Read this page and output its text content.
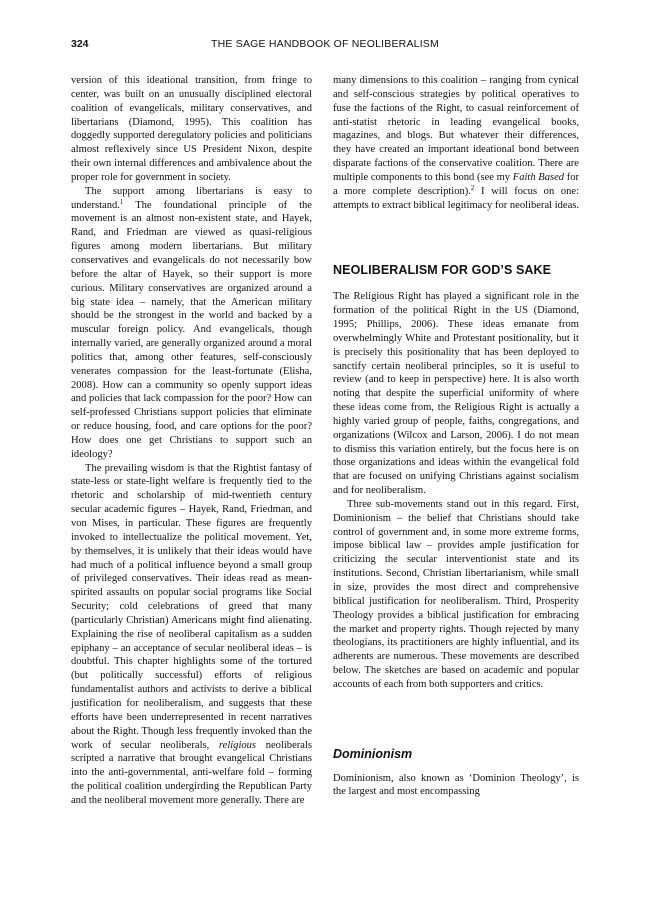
324	THE SAGE HANDBOOK OF NEOLIBERALISM

version of this ideational transition, from fringe to center, was built on an unusually disciplined electoral coalition of evangelicals, military conservatives, and libertarians (Diamond, 1995). This coalition has doggedly supported deregulatory policies and politicians almost reflexively since US President Nixon, despite their own internal differences and ambivalence about the proper role for government in society.

The support among libertarians is easy to understand.$^1$ The foundational principle of the movement is an almost non-existent state, and Hayek, Rand, and Friedman are viewed as quasi-religious figures among modern libertarians. But military conservatives and evangelicals do not necessarily bow before the altar of Hayek, so their support is more curious. Military conservatives are organized around a big state idea – namely, that the American military should be the strongest in the world and backed by a muscular foreign policy. And evangelicals, though internally varied, are generally organized around a moral politics that, among other features, self-consciously venerates compassion for the least-fortunate (Elisha, 2008). How can a community so openly support ideas and policies that lack compassion for the poor? How can self-professed Christians support policies that eliminate or reduce housing, food, and care options for the poor? How does one get Christians to support such an ideology?

The prevailing wisdom is that the Rightist fantasy of state-less or state-light welfare is frequently tied to the rhetoric and scholarship of mid-twentieth century secular academic figures – Hayek, Rand, Friedman, and von Mises, in particular. These figures are frequently invoked to intellectualize the political movement. Yet, by themselves, it is unlikely that their ideas would have had much of a political influence beyond a small group of privileged conservatives. Their ideas read as mean-spirited assaults on popular social programs like Social Security; cold celebrations of greed that many (particularly Christian) Americans might find alienating. Explaining the rise of neoliberal capitalism as a sudden epiphany – an acceptance of secular neoliberal ideas – is doubtful. This chapter highlights some of the tortured (but politically successful) efforts of religious fundamentalist authors and activists to derive a biblical justification for neoliberalism, and suggests that these efforts have been underrepresented in recent narratives about the Right. Though less frequently invoked than the work of secular neoliberals, religious neoliberals scripted a narrative that brought evangelical Christians into the anti-governmental, anti-welfare fold – forming the political coalition undergirding the Republican Party and the neoliberal movement more generally. There are

many dimensions to this coalition – ranging from cynical and self-conscious strategies by political operatives to fuse the factions of the Right, to casual reinforcement of anti-statist rhetoric in leading evangelical books, magazines, and blogs. But whatever their differences, they have created an important ideational bond between disparate factions of the conservative coalition. There are multiple components to this bond (see my Faith Based for a more complete description).$^2$ I will focus on one: attempts to extract biblical legitimacy for neoliberal ideas.

NEOLIBERALISM FOR GOD’S SAKE

The Religious Right has played a significant role in the formation of the political Right in the US (Diamond, 1995; Phillips, 2006). These ideas emanate from overwhelmingly White and Protestant positionality, but it is precisely this positionality that has been deployed to sanctify certain neoliberal principles, so it is useful to review (and to keep in perspective) here. It is also worth noting that despite the superficial uniformity of where these ideas come from, the Religious Right is actually a highly varied group of people, faiths, congregations, and organizations (Wilcox and Larson, 2006). I do not mean to dismiss this variation entirely, but the focus here is on those organizations and ideas within the evangelical fold that are focused on unifying Christians against socialism and for neoliberalism.

Three sub-movements stand out in this regard. First, Dominionism – the belief that Christians should take control of government and, in some more extreme forms, impose biblical law – provides ample justification for criticizing the secular interventionist state and its institutions. Second, Christian libertarianism, while small in size, provides the most direct and comprehensive biblical justification for neoliberalism. Third, Prosperity Theology provides a biblical justification for embracing the market and property rights. Though rejected by many theologians, its practitioners are highly influential, and its adherents are numerous. These movements are described below. The sketches are based on academic and popular accounts of each from both supporters and critics.

Dominionism

Dominionism, also known as ‘Dominion Theology’, is the largest and most encompassing
